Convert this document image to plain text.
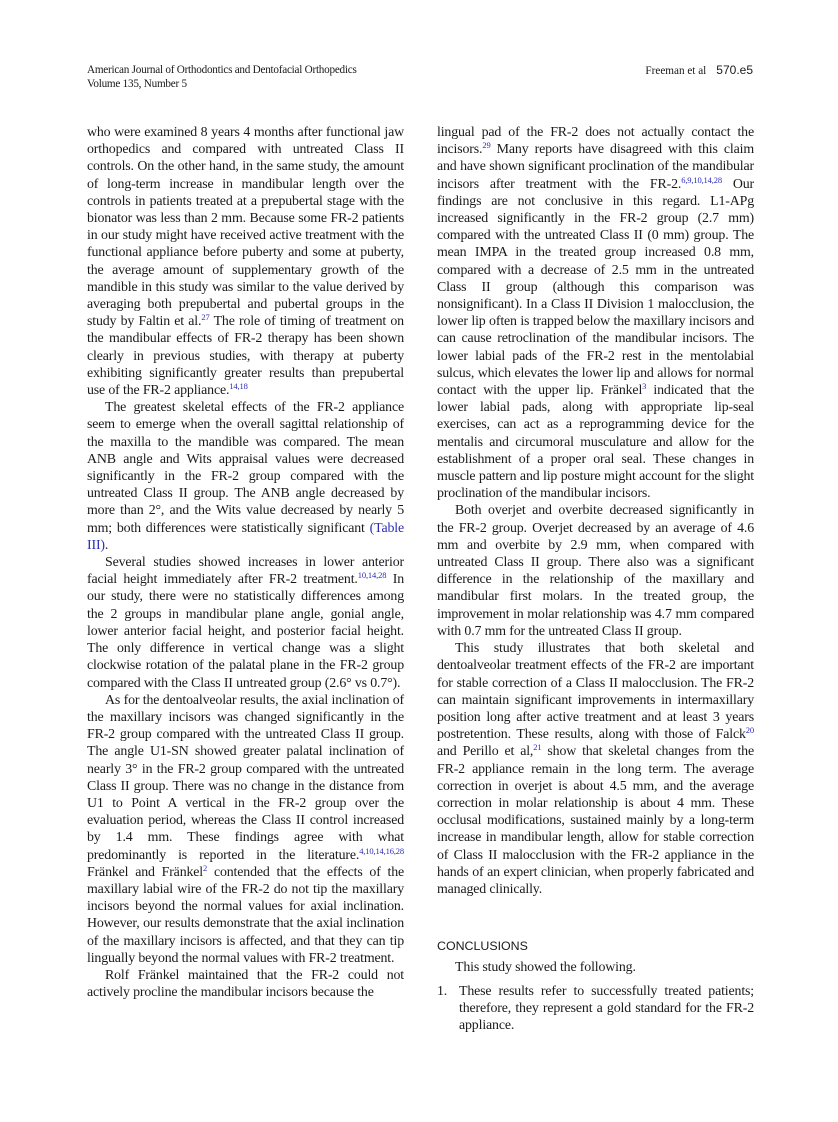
American Journal of Orthodontics and Dentofacial Orthopedics
Volume 135, Number 5
Freeman et al 570.e5

who were examined 8 years 4 months after functional jaw orthopedics and compared with untreated Class II controls. On the other hand, in the same study, the amount of long-term increase in mandibular length over the controls in patients treated at a prepubertal stage with the bionator was less than 2 mm. Because some FR-2 patients in our study might have received active treatment with the functional appliance before puberty and some at puberty, the average amount of supplementary growth of the mandible in this study was similar to the value derived by averaging both prepubertal and pubertal groups in the study by Faltin et al.$^{27}$ The role of timing of treatment on the mandibular effects of FR-2 therapy has been shown clearly in previous studies, with therapy at puberty exhibiting significantly greater results than prepubertal use of the FR-2 appliance.$^{14,18}$

The greatest skeletal effects of the FR-2 appliance seem to emerge when the overall sagittal relationship of the maxilla to the mandible was compared. The mean ANB angle and Wits appraisal values were decreased significantly in the FR-2 group compared with the untreated Class II group. The ANB angle decreased by more than 2°, and the Wits value decreased by nearly 5 mm; both differences were statistically significant (Table III).

Several studies showed increases in lower anterior facial height immediately after FR-2 treatment.$^{10,14,28}$ In our study, there were no statistically differences among the 2 groups in mandibular plane angle, gonial angle, lower anterior facial height, and posterior facial height. The only difference in vertical change was a slight clockwise rotation of the palatal plane in the FR-2 group compared with the Class II untreated group (2.6° vs 0.7°).

As for the dentoalveolar results, the axial inclination of the maxillary incisors was changed significantly in the FR-2 group compared with the untreated Class II group. The angle U1-SN showed greater palatal inclination of nearly 3° in the FR-2 group compared with the untreated Class II group. There was no change in the distance from U1 to Point A vertical in the FR-2 group over the evaluation period, whereas the Class II control increased by 1.4 mm. These findings agree with what predominantly is reported in the literature.$^{4,10,14,16,28}$ Fränkel and Fränkel$^2$ contended that the effects of the maxillary labial wire of the FR-2 do not tip the maxillary incisors beyond the normal values for axial inclination. However, our results demonstrate that the axial inclination of the maxillary incisors is affected, and that they can tip lingually beyond the normal values with FR-2 treatment.

Rolf Fränkel maintained that the FR-2 could not actively procline the mandibular incisors because the

lingual pad of the FR-2 does not actually contact the incisors.$^{29}$ Many reports have disagreed with this claim and have shown significant proclination of the mandibular incisors after treatment with the FR-2.$^{6,9,10,14,28}$ Our findings are not conclusive in this regard. L1-APg increased significantly in the FR-2 group (2.7 mm) compared with the untreated Class II (0 mm) group. The mean IMPA in the treated group increased 0.8 mm, compared with a decrease of 2.5 mm in the untreated Class II group (although this comparison was nonsignificant). In a Class II Division 1 malocclusion, the lower lip often is trapped below the maxillary incisors and can cause retroclination of the mandibular incisors. The lower labial pads of the FR-2 rest in the mentolabial sulcus, which elevates the lower lip and allows for normal contact with the upper lip. Fränkel$^3$ indicated that the lower labial pads, along with appropriate lip-seal exercises, can act as a reprogramming device for the mentalis and circumoral musculature and allow for the establishment of a proper oral seal. These changes in muscle pattern and lip posture might account for the slight proclination of the mandibular incisors.

Both overjet and overbite decreased significantly in the FR-2 group. Overjet decreased by an average of 4.6 mm and overbite by 2.9 mm, when compared with untreated Class II group. There also was a significant difference in the relationship of the maxillary and mandibular first molars. In the treated group, the improvement in molar relationship was 4.7 mm compared with 0.7 mm for the untreated Class II group.

This study illustrates that both skeletal and dentoalveolar treatment effects of the FR-2 are important for stable correction of a Class II malocclusion. The FR-2 can maintain significant improvements in intermaxillary position long after active treatment and at least 3 years postretention. These results, along with those of Falck$^{20}$ and Perillo et al,$^{21}$ show that skeletal changes from the FR-2 appliance remain in the long term. The average correction in overjet is about 4.5 mm, and the average correction in molar relationship is about 4 mm. These occlusal modifications, sustained mainly by a long-term increase in mandibular length, allow for stable correction of Class II malocclusion with the FR-2 appliance in the hands of an expert clinician, when properly fabricated and managed clinically.

CONCLUSIONS

This study showed the following.

1. These results refer to successfully treated patients; therefore, they represent a gold standard for the FR-2 appliance.
